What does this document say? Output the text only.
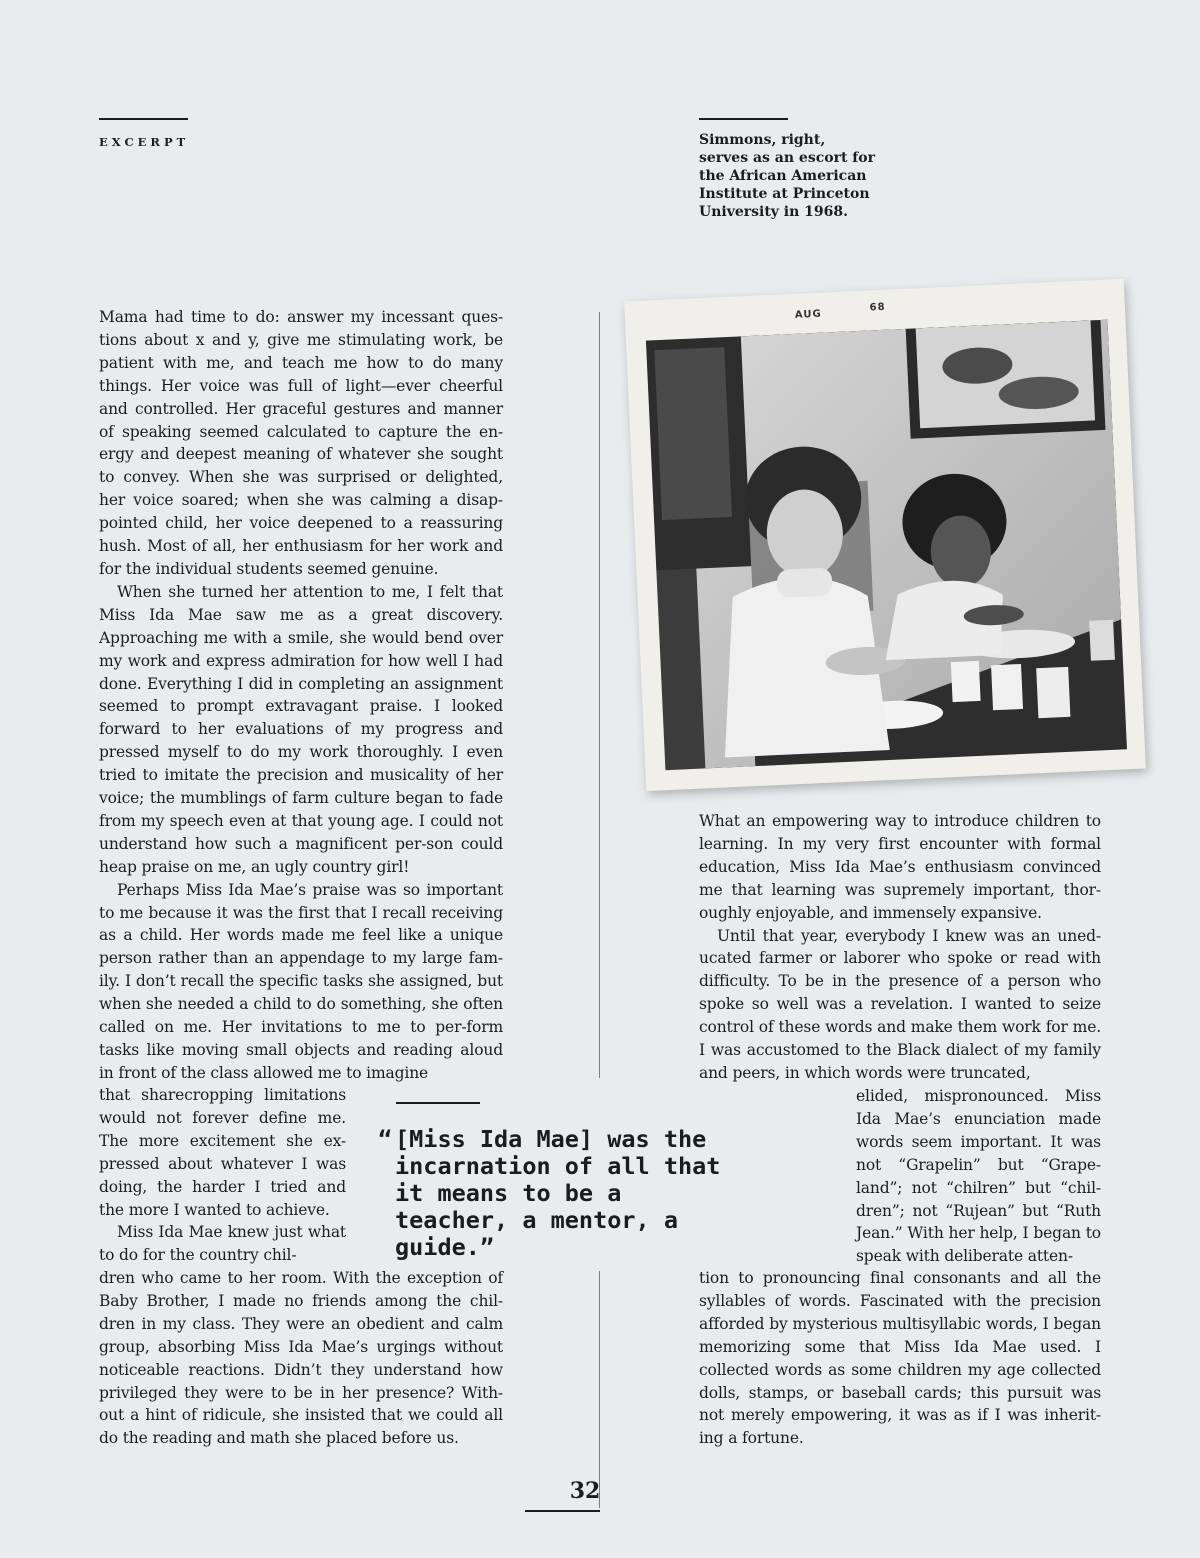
EXCERPT	Simmons, right, serves as an escort for the African American Institute at Princeton University in 1968.
AUG
68

Mama had time to do: answer my incessant ques-tions about x and y, give me stimulating work, be patient with me, and teach me how to do many things. Her voice was full of light—ever cheerful and controlled. Her graceful gestures and manner of speaking seemed calculated to capture the en-ergy and deepest meaning of whatever she sought to convey. When she was surprised or delighted, her voice soared; when she was calming a disap-pointed child, her voice deepened to a reassuring hush. Most of all, her enthusiasm for her work and for the individual students seemed genuine.

When she turned her attention to me, I felt that Miss Ida Mae saw me as a great discovery. Approaching me with a smile, she would bend over my work and express admiration for how well I had done. Everything I did in completing an assignment seemed to prompt extravagant praise. I looked forward to her evaluations of my progress and pressed myself to do my work thoroughly. I even tried to imitate the precision and musicality of her voice; the mumblings of farm culture began to fade from my speech even at that young age. I could not understand how such a magnificent per-son could heap praise on me, an ugly country girl!

Perhaps Miss Ida Mae’s praise was so important to me because it was the first that I recall receiving as a child. Her words made me feel like a unique person rather than an appendage to my large fam-ily. I don’t recall the specific tasks she assigned, but when she needed a child to do something, she often called on me. Her invitations to me to per-form tasks like moving small objects and reading aloud in front of the class allowed me to imagine

that sharecropping limitations would not forever define me. The more excitement she ex-pressed about whatever I was doing, the harder I tried and the more I wanted to achieve.

Miss Ida Mae knew just what to do for the country chil-

dren who came to her room. With the exception of Baby Brother, I made no friends among the chil-dren in my class. They were an obedient and calm group, absorbing Miss Ida Mae’s urgings without noticeable reactions. Didn’t they understand how privileged they were to be in her presence? With-out a hint of ridicule, she insisted that we could all do the reading and math she placed before us.

What an empowering way to introduce children to learning. In my very first encounter with formal education, Miss Ida Mae’s enthusiasm convinced me that learning was supremely important, thor-oughly enjoyable, and immensely expansive.

Until that year, everybody I knew was an uned-ucated farmer or laborer who spoke or read with difficulty. To be in the presence of a person who spoke so well was a revelation. I wanted to seize control of these words and make them work for me. I was accustomed to the Black dialect of my family and peers, in which words were truncated,

elided, mispronounced. Miss Ida Mae’s enunciation made words seem important. It was not “Grapelin” but “Grape-land”; not “chilren” but “chil-dren”; not “Rujean” but “Ruth Jean.” With her help, I began to speak with deliberate atten-

tion to pronouncing final consonants and all the syllables of words. Fascinated with the precision afforded by mysterious multisyllabic words, I began memorizing some that Miss Ida Mae used. I collected words as some children my age collected dolls, stamps, or baseball cards; this pursuit was not merely empowering, it was as if I was inherit-ing a fortune.

“ [Miss Ida Mae] was the incarnation of all that it means to be a teacher, a mentor, a guide.”
32
